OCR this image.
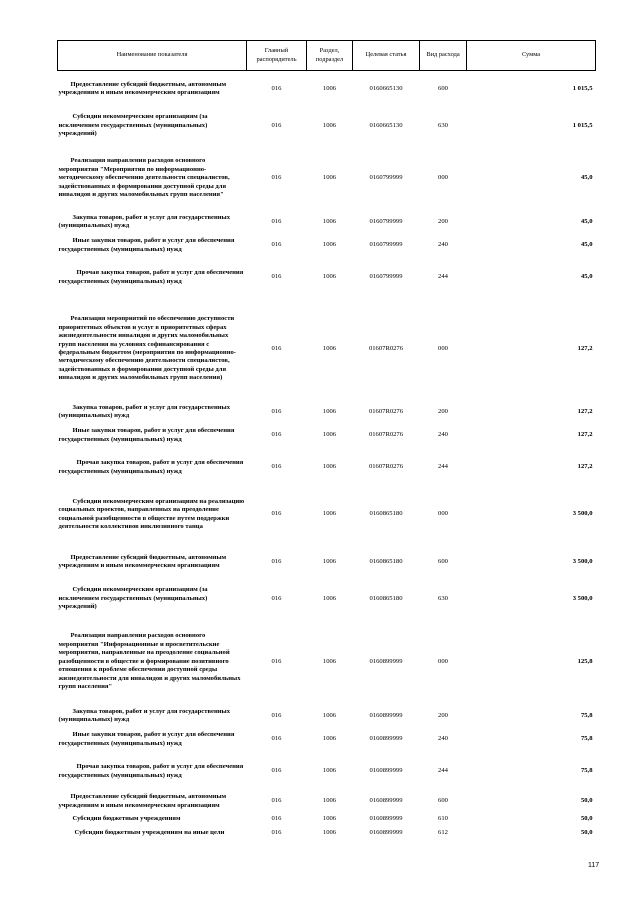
Наименование показателя	Главный распорядитель	Раздел, подраздел	Целевая статья	Вид расхода	Сумма
Предоставление субсидий бюджетным, автономным учреждениям и иным некоммерческим организациям	016	1006	0160665130	600	1 015,5
Субсидии некоммерческим организациям (за исключением государственных (муниципальных) учреждений)	016	1006	0160665130	630	1 015,5
Реализация направления расходов основного мероприятия "Мероприятия по информационно-методическому обеспечению деятельности специалистов, задействованных в формировании доступной среды для инвалидов и других маломобильных групп населения"	016	1006	0160799999	000	45,0
Закупка товаров, работ и услуг для государственных (муниципальных) нужд	016	1006	0160799999	200	45,0
Иные закупки товаров, работ и услуг для обеспечения государственных (муниципальных) нужд	016	1006	0160799999	240	45,0
Прочая закупка товаров, работ и услуг для обеспечения государственных (муниципальных) нужд	016	1006	0160799999	244	45,0
Реализация мероприятий по обеспечению доступности приоритетных объектов и услуг в приоритетных сферах жизнедеятельности инвалидов и других маломобильных групп населения на условиях софинансирования с федеральным бюджетом (мероприятия по информационно-методическому обеспечению деятельности специалистов, задействованных в формировании доступной среды для инвалидов и других маломобильных групп населения)	016	1006	01607R0276	000	127,2
Закупка товаров, работ и услуг для государственных (муниципальных) нужд	016	1006	01607R0276	200	127,2
Иные закупки товаров, работ и услуг для обеспечения государственных (муниципальных) нужд	016	1006	01607R0276	240	127,2
Прочая закупка товаров, работ и услуг для обеспечения государственных (муниципальных) нужд	016	1006	01607R0276	244	127,2
Субсидии некоммерческим организациям на реализацию социальных проектов, направленных на преодоление социальной разобщенности в обществе путем поддержки деятельности коллективов инклюзивного танца	016	1006	0160865180	000	3 500,0
Предоставление субсидий бюджетным, автономным учреждениям и иным некоммерческим организациям	016	1006	0160865180	600	3 500,0
Субсидии некоммерческим организациям (за исключением государственных (муниципальных) учреждений)	016	1006	0160865180	630	3 500,0
Реализация направления расходов основного мероприятия "Информационные и просветительские мероприятия, направленные на преодоление социальной разобщенности в обществе и формирование позитивного отношения к проблеме обеспечения доступной среды жизнедеятельности для инвалидов и других маломобильных групп населения"	016	1006	0160899999	000	125,8
Закупка товаров, работ и услуг для государственных (муниципальных) нужд	016	1006	0160899999	200	75,8
Иные закупки товаров, работ и услуг для обеспечения государственных (муниципальных) нужд	016	1006	0160899999	240	75,8
Прочая закупка товаров, работ и услуг для обеспечения государственных (муниципальных) нужд	016	1006	0160899999	244	75,8
Предоставление субсидий бюджетным, автономным учреждениям и иным некоммерческим организациям	016	1006	0160899999	600	50,0
Субсидии бюджетным учреждениям	016	1006	0160899999	610	50,0
Субсидии бюджетным учреждениям на иные цели	016	1006	0160899999	612	50,0
117
